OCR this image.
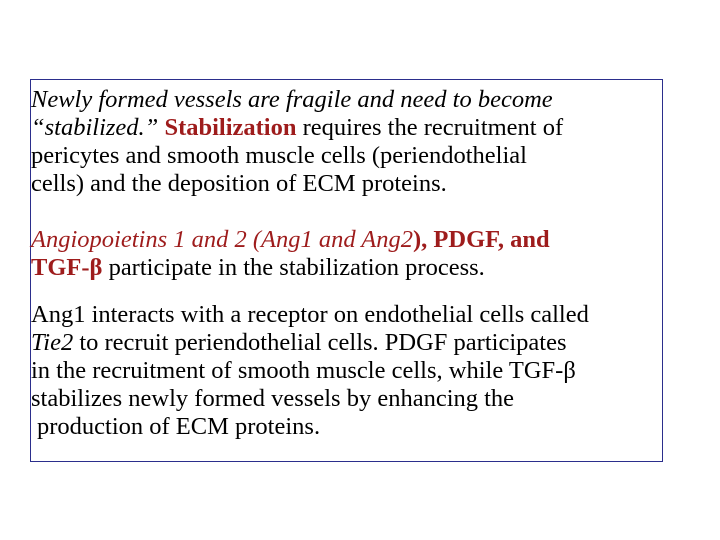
Newly formed vessels are fragile and need to become
“stabilized.” Stabilization requires the recruitment of
pericytes and smooth muscle cells (periendothelial
cells) and the deposition of ECM proteins.

Angiopoietins 1 and 2 (Ang1 and Ang2), PDGF, and
TGF-β participate in the stabilization process.

Ang1 interacts with a receptor on endothelial cells called
Tie2 to recruit periendothelial cells. PDGF participates
in the recruitment of smooth muscle cells, while TGF-β
stabilizes newly formed vessels by enhancing the
production of ECM proteins.
